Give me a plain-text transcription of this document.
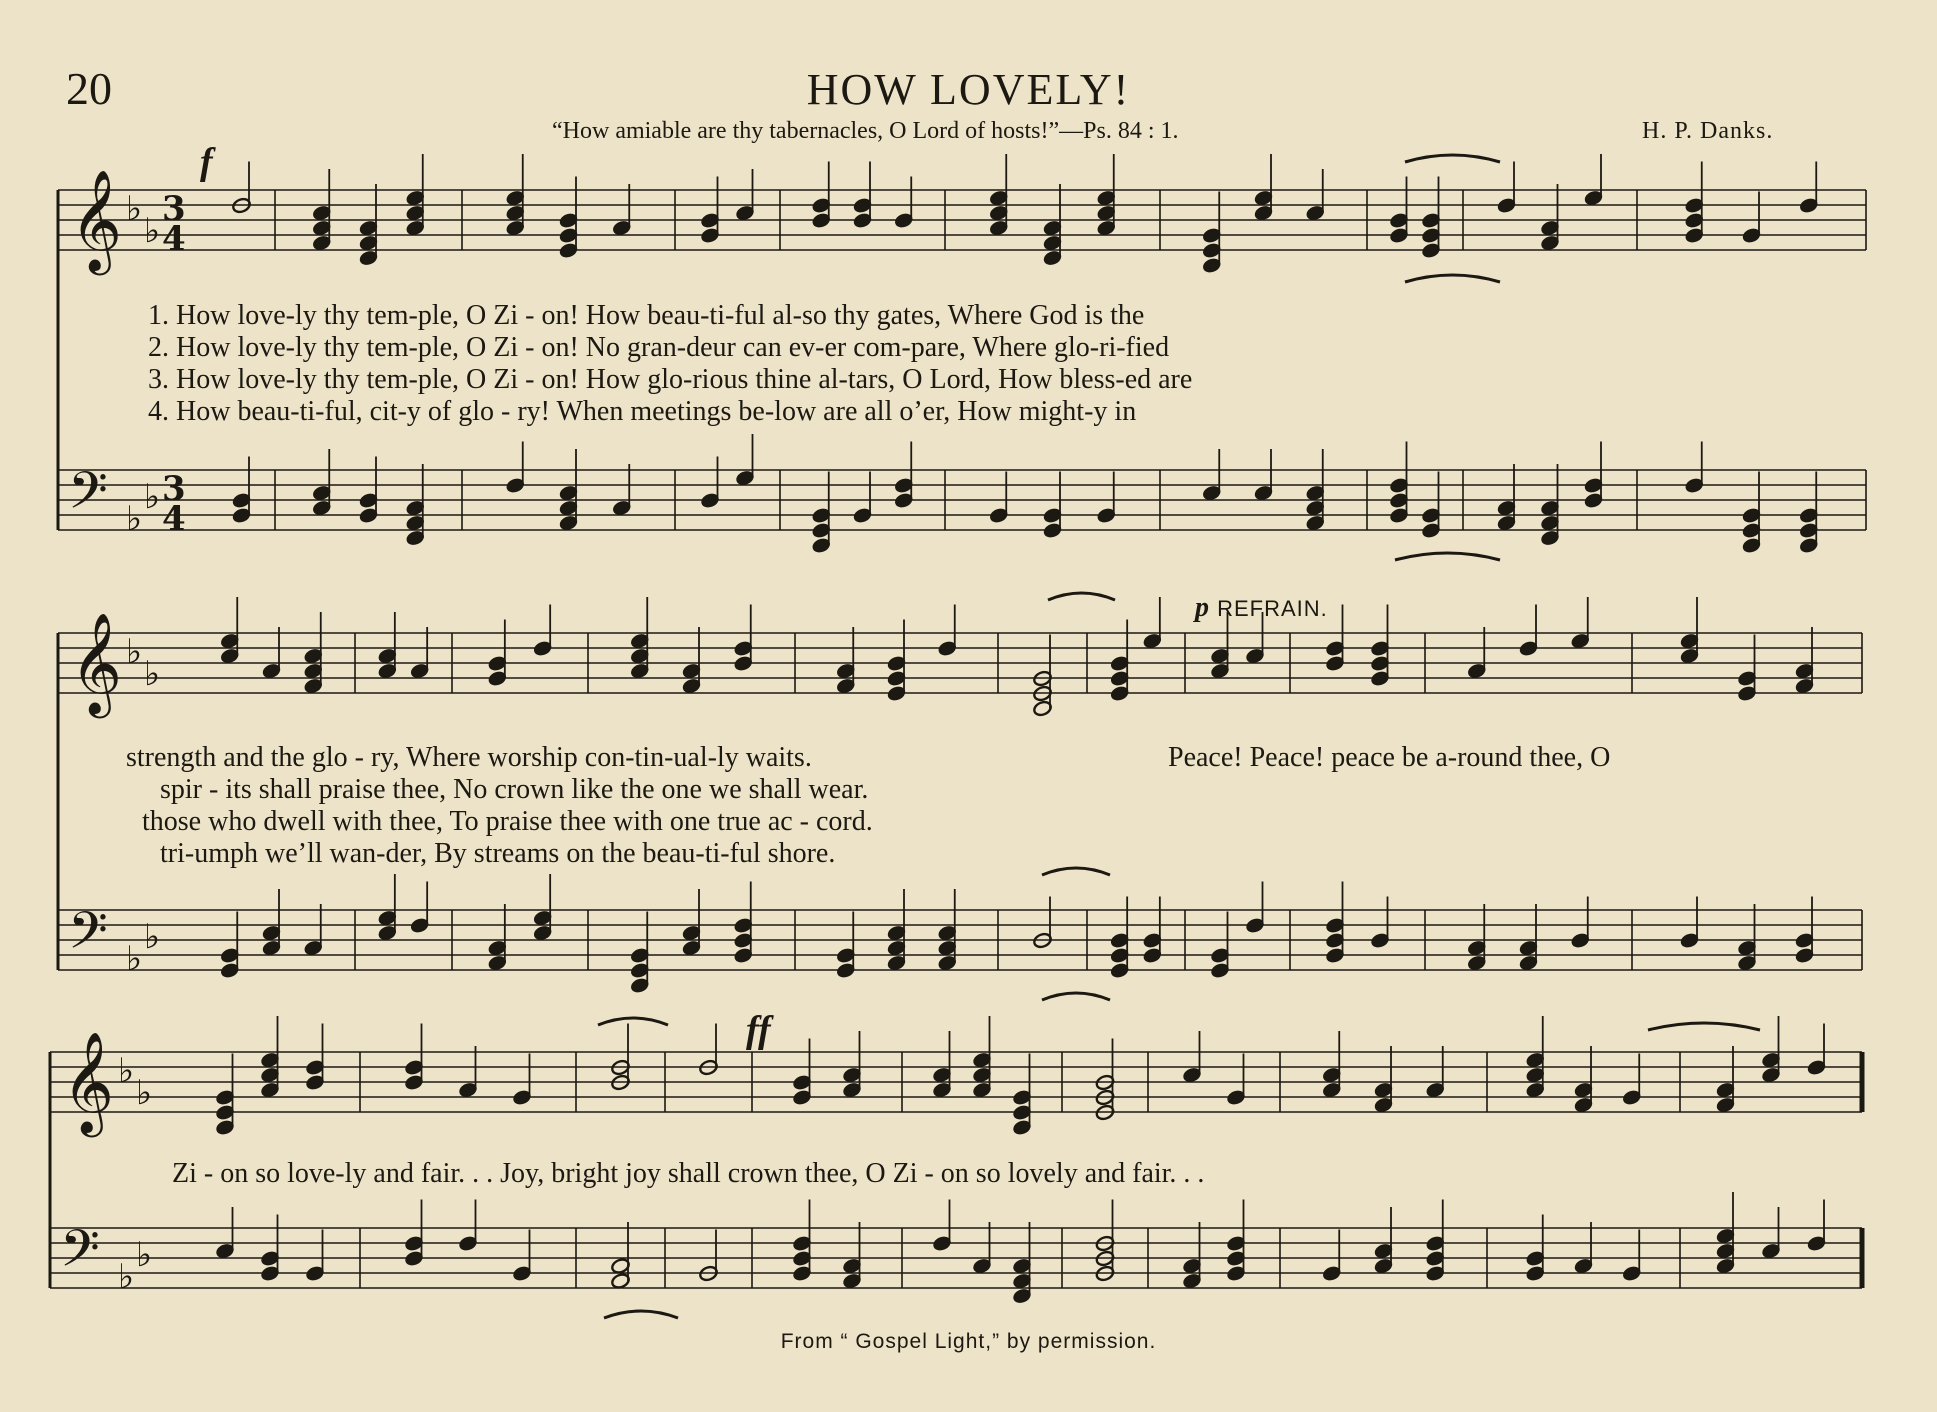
𝄞
𝄢
♭
♭
♭
♭
3
4
3
4
𝄞
𝄢
♭
♭
♭
♭
𝄞
𝄢
♭
♭
♭
♭
20	HOW LOVELY!
“How amiable are thy tabernacles, O Lord of hosts!”—Ps. 84 : 1.	H. P. Danks.
f
p REFRAIN.
ff
1. How love-ly thy tem-ple, O Zi - on! How beau-ti-ful al-so thy gates, Where God is the
2. How love-ly thy tem-ple, O Zi - on! No gran-deur can ev-er com-pare, Where glo-ri-fied
3. How love-ly thy tem-ple, O Zi - on! How glo-rious thine al-tars, O Lord, How bless-ed are
4. How beau-ti-ful, cit-y of glo - ry! When meetings be-low are all o’er, How might-y in
strength and the glo - ry, Where worship con-tin-ual-ly waits.
spir - its shall praise thee, No crown like the one we shall wear.
those who dwell with thee, To praise thee with one true ac - cord.
tri-umph we’ll wan-der, By streams on the beau-ti-ful shore.
Peace! Peace! peace be a-round thee, O
Zi - on so love-ly and fair. . . Joy, bright joy shall crown thee, O Zi - on so lovely and fair. . .
From “ Gospel Light,” by permission.
